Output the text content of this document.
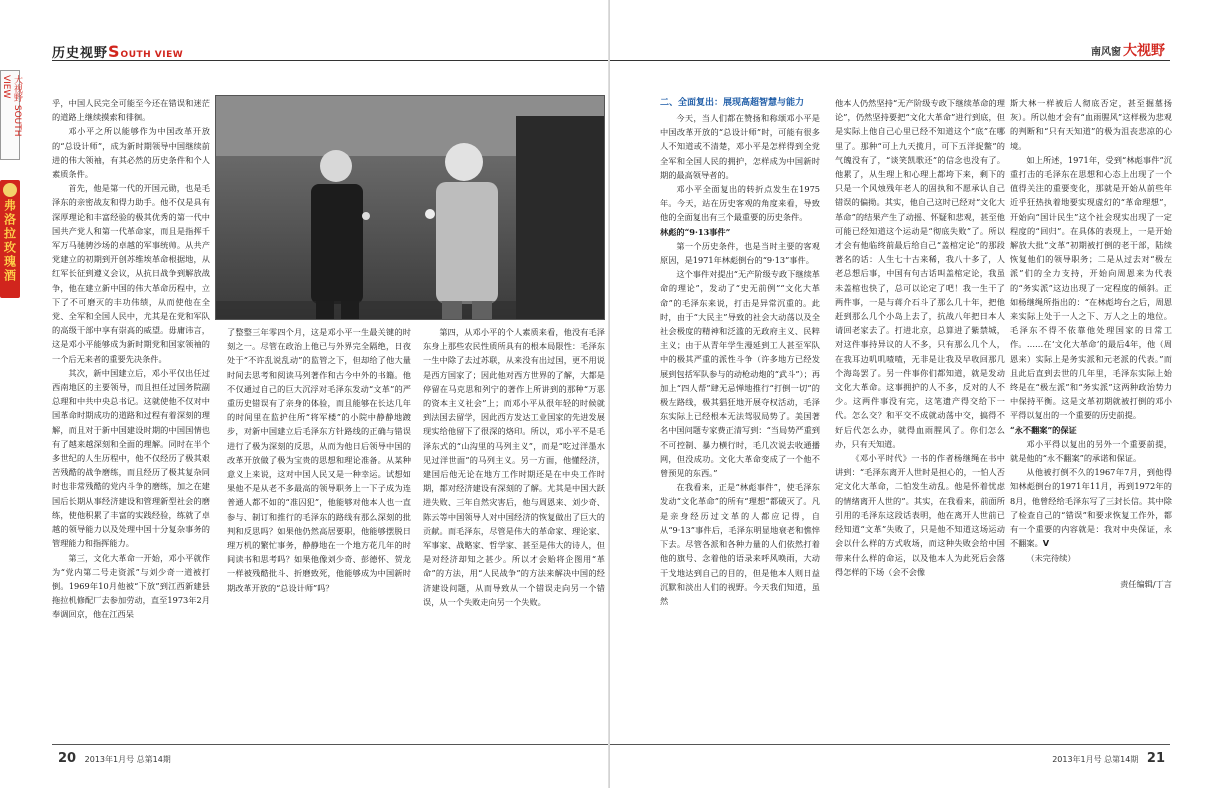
历史视野SOUTH VIEW
大视野 SOUTH VIEW
弗洛拉玫瑰酒

乎，中国人民完全可能至今还在错误和迷茫的道路上继续摸索和徘徊。

邓小平之所以能够作为中国改革开放的“总设计师”，成为新时期领导中国继续前进的伟大领袖，有其必然的历史条件和个人素质条件。

首先，他是第一代的开国元勋，也是毛泽东的亲密战友和得力助手。他不仅是具有深厚理论和丰富经验的极其优秀的第一代中国共产党人和第一代革命家，而且是指挥千军万马驰骋沙场的卓越的军事统帅。从共产党建立的初期到开创苏维埃革命根据地，从红军长征到遵义会议，从抗日战争到解放战争，他在建立新中国的伟大革命历程中，立下了不可磨灭的丰功伟绩，从而使他在全党、全军和全国人民中，尤其是在党和军队的高级干部中享有崇高的威望。毋庸讳言，这是邓小平能够成为新时期党和国家领袖的一个后无来者的重要先决条件。

其次，新中国建立后，邓小平仅出任过西南地区的主要领导，而且担任过国务院副总理和中共中央总书记。这就使他不仅对中国革命时期成功的道路和过程有着深刻的理解，而且对于新中国建设时期的中国国情也有了越来越深刻和全面的理解。同时在半个多世纪的人生历程中，他不仅经历了极其艰苦残酷的战争磨练，而且经历了极其复杂同时也非常残酷的党内斗争的磨练，加之在建国后长期从事经济建设和管理新型社会的磨练，使他积累了丰富的实践经验，练就了卓越的领导能力以及处理中国十分复杂事务的管理能力和指挥能力。

第三，文化大革命一开始，邓小平就作为“党内第二号走资派”与刘少奇一道被打倒。1969年10月他被“下放”到江西新建县拖拉机修配厂去参加劳动，直至1973年2月奉调回京，他在江西呆

了整整三年零四个月，这是邓小平一生最关键的时刻之一。尽管在政治上他已与外界完全隔绝，日夜处于“不许乱说乱动”的监管之下，但却给了他大量时间去思考和阅读马列著作和古今中外的书籍。他不仅通过自己的巨大沉浮对毛泽东发动“文革”的严重历史错误有了亲身的体验，而且能够在长达几年的时间里在监护住所“将军楼”的小院中静静地踱步，对新中国建立后毛泽东方针路线的正确与错误进行了极为深刻的反思，从而为他日后领导中国的改革开放做了极为宝贵的思想和理论准备。从某种意义上来说，这对中国人民又是一种幸运。试想如果他不是从老不多最高的领导职务上一下子成为连普通人都不如的“准囚犯”，他能够对他本人也一直参与、制订和推行的毛泽东的路线有那么深刻的批判和反思吗？如果他仍然高居要职，他能够摆脱日理万机的繁忙事务，静静地在一个地方花几年的时间读书和思考吗？如果他像刘少奇、彭德怀、贺龙一样被残酷批斗、折磨致死，他能够成为中国新时期改革开放的“总设计师”吗？

第四，从邓小平的个人素质来看，他没有毛泽东身上那些农民性质所具有的根本局限性：毛泽东一生中除了去过苏联，从来没有出过国，更不用说是西方国家了；因此他对西方世界的了解，大都是停留在马克思和列宁的著作上所讲到的那种“万恶的资本主义社会”上；而邓小平从很年轻的时候就到法国去留学，因此西方发达工业国家的先进发展现实给他留下了很深的烙印。所以，邓小平不是毛泽东式的“山沟里的马列主义”，而是“吃过洋墨水见过洋世面”的马列主义。另一方面，他懂经济，建国后他无论在地方工作时期还是在中央工作时期，都对经济建设有深刻的了解。尤其是中国大跃进失败、三年自然灾害后，他与周恩来、刘少奇、陈云等中国领导人对中国经济的恢复做出了巨大的贡献。而毛泽东，尽管是伟大的革命家、理论家、军事家、战略家、哲学家、甚至是伟大的诗人，但是对经济却知之甚少。所以才会贻将企图用“革命”的方法，用“人民战争”的方法来解决中国的经济建设问题，从而导致从一个错误走向另一个错误，从一个失败走向另一个失败。

20 2013年1月号 总第14期
南风窗 大视野
二、全面复出：展现高超智慧与能力

今天，当人们都在赞扬和称颂邓小平是中国改革开放的“总设计师”时，可能有很多人不知道或不清楚，邓小平是怎样得到全党全军和全国人民的拥护，怎样成为中国新时期的最高领导者的。

邓小平全面复出的转折点发生在1975年。今天，站在历史客观的角度来看，导致他的全面复出有三个最重要的历史条件。

林彪的“9·13事件”

第一个历史条件，也是当时主要的客观原因，是1971年林彪倒台的“9·13”事件。

这个事件对提出“无产阶级专政下继续革命的理论”，发动了“史无前例”“文化大革命”的毛泽东来说，打击是异常沉重的。此时，由于“大民主”导致的社会大动荡以及全社会极度的精神和泛滥的无政府主义、民粹主义；由于从青年学生漫延到工人甚至军队中的极其严重的派性斗争（许多地方已经发展到包括军队参与的动枪动炮的“武斗”）；再加上“四人帮”肆无忌惮地推行“打倒一切”的极左路线，极其猖狂地开展夺权活动，毛泽东实际上已经根本无法驾驭局势了。美国著名中国问题专家费正清写到：“当局势严重到不可控制、暴力横行时，毛几次说去收通播网，但没成功。文化大革命变成了一个他不曾预见的东西。”

在我看来，正是“林彪事件”，使毛泽东发动“文化革命”的所有“理想”都破灭了。凡是亲身经历过文革的人都应记得，自从“9·13”事件后，毛泽东明显地衰老和憔悴下去。尽管各派和各种力量的人们依然打着他的旗号、念着他的语录来呼风唤雨，大动干戈地达到自己的目的，但是他本人则日益沉默和淡出人们的视野。今天我们知道，虽然

他本人仍然坚持“无产阶级专政下继续革命的理论”，仍然坚持要把“文化大革命”进行到底，但是实际上他自己心里已经不知道这个“底”在哪里了。那种“可上九天揽月，可下五洋捉鳖”的气魄没有了，“谈笑凯歌还”的信念也没有了。他累了，从生理上和心理上都垮下来，剩下的只是一个风烛残年老人的固执和不愿承认自己错误的偏拗。其实，他自己这时已经对“文化大革命”的结果产生了动摇、怀疑和悲观，甚至他可能已经知道这个运动是“彻底失败”了。所以才会有他临终前最后给自己“盖棺定论”的那段著名的话：人生七十古来稀，我八十多了，人老总想后事，中国有句古话叫盖棺定论，我虽未盖棺也快了，总可以论定了吧！我一生干了两件事，一是与蒋介石斗了那么几十年，把他赶到那么几个小岛上去了，抗战八年把日本人请回老家去了。打进北京，总算进了紫禁城，对这件事持异议的人不多，只有那么几个人，在我耳边叽叽喳喳，无非是让我及早收回那几个海岛罢了。另一件事你们都知道，就是发动文化大革命。这事拥护的人不多，反对的人不少。这两件事没有完，这笔遗产得交给下一代。怎么交？和平交不成就动荡中交，搞得不好后代怎么办，就得血雨腥风了。你们怎么办，只有天知道。

《邓小平时代》一书的作者杨继绳在书中讲到：“毛泽东离开人世时是担心的，一怕人否定文化大革命，二怕发生动乱。他是怀着忧虑的情绪离开人世的”。其实，在我看来，前面所引用的毛泽东这段话表明，他在离开人世前已经知道“文革”失败了，只是他不知道这场运动会以什么样的方式收场，而这种失败会给中国带来什么样的命运，以及他本人为此死后会落得怎样的下场（会不会像

斯大林一样被后人彻底否定，甚至掘墓扬灰）。所以他才会有“血雨腥风”这样极为悲观的判断和“只有天知道”的极为沮丧悲凉的心境。

如上所述，1971年，受到“林彪事件”沉重打击的毛泽东在思想和心态上出现了一个值得关注的重要变化，那就是开始从前些年近乎狂热执着地要实现虚幻的“革命理想”，开始向“国计民生”这个社会现实出现了一定程度的“回归”。在具体的表现上，一是开始解放大批“文革”初期被打倒的老干部，陆续恢复他们的领导职务；二是从过去对“极左派”们的全力支持，开始向周恩来为代表的“务实派”这边出现了一定程度的倾斜。正如杨继绳所指出的：“在林彪垮台之后，周恩来实际上处于一人之下、万人之上的地位。毛泽东不得不依靠他处理国家的日常工作。……在‘文化大革命’的最后4年，他（周恩来）实际上是务实派和元老派的代表。”而且此后直到去世的几年里，毛泽东实际上始终是在“极左派”和“务实派”这两种政治势力中保持平衡。这是文革初期就被打倒的邓小平得以复出的一个重要的历史前提。

“永不翻案”的保证

邓小平得以复出的另外一个重要前提，就是他的“永不翻案”的承诺和保证。

从他被打倒不久的1967年7月，到他得知林彪倒台的1971年11月，再到1972年的8月，他曾经给毛泽东写了三封长信。其中除了检查自己的“错误”和要求恢复工作外，都有一个重要的内容就是：我对中央保证，永不翻案。V

（未完待续）

责任编辑/丁言

2013年1月号 总第14期 21
